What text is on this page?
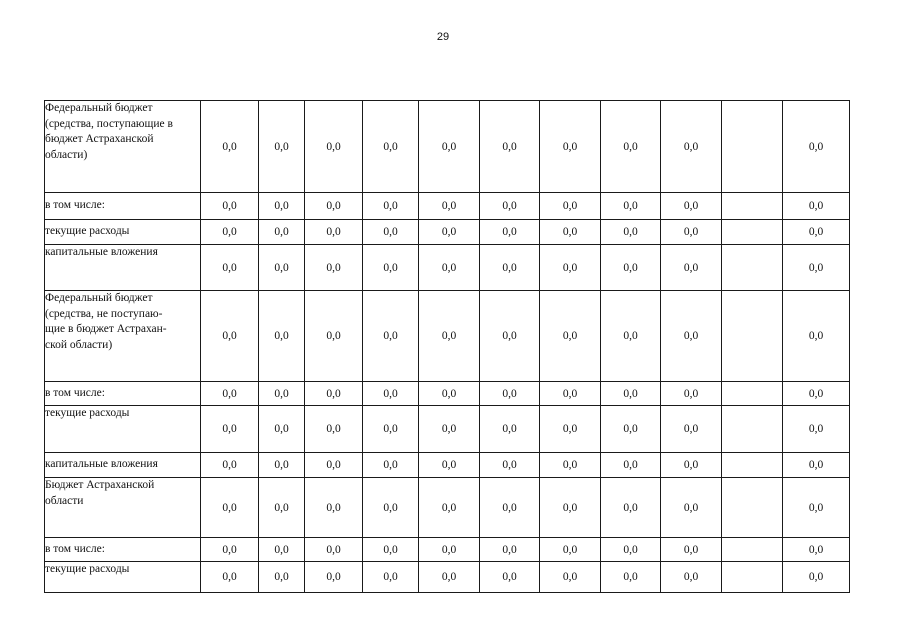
29
Федеральный бюджет
(средства, поступающие в
бюджет Астраханской
области)	0,0	0,0	0,0	0,0	0,0	0,0	0,0	0,0	0,0		0,0

в том числе:	0,0	0,0	0,0	0,0	0,0	0,0	0,0	0,0	0,0		0,0

текущие расходы	0,0	0,0	0,0	0,0	0,0	0,0	0,0	0,0	0,0		0,0

капитальные вложения	0,0	0,0	0,0	0,0	0,0	0,0	0,0	0,0	0,0		0,0

Федеральный бюджет
(средства, не поступаю-
щие в бюджет Астрахан-
ской области)	0,0	0,0	0,0	0,0	0,0	0,0	0,0	0,0	0,0		0,0

в том числе:	0,0	0,0	0,0	0,0	0,0	0,0	0,0	0,0	0,0		0,0

текущие расходы	0,0	0,0	0,0	0,0	0,0	0,0	0,0	0,0	0,0		0,0

капитальные вложения	0,0	0,0	0,0	0,0	0,0	0,0	0,0	0,0	0,0		0,0

Бюджет Астраханской
области	0,0	0,0	0,0	0,0	0,0	0,0	0,0	0,0	0,0		0,0

в том числе:	0,0	0,0	0,0	0,0	0,0	0,0	0,0	0,0	0,0		0,0

текущие расходы	0,0	0,0	0,0	0,0	0,0	0,0	0,0	0,0	0,0		0,0
